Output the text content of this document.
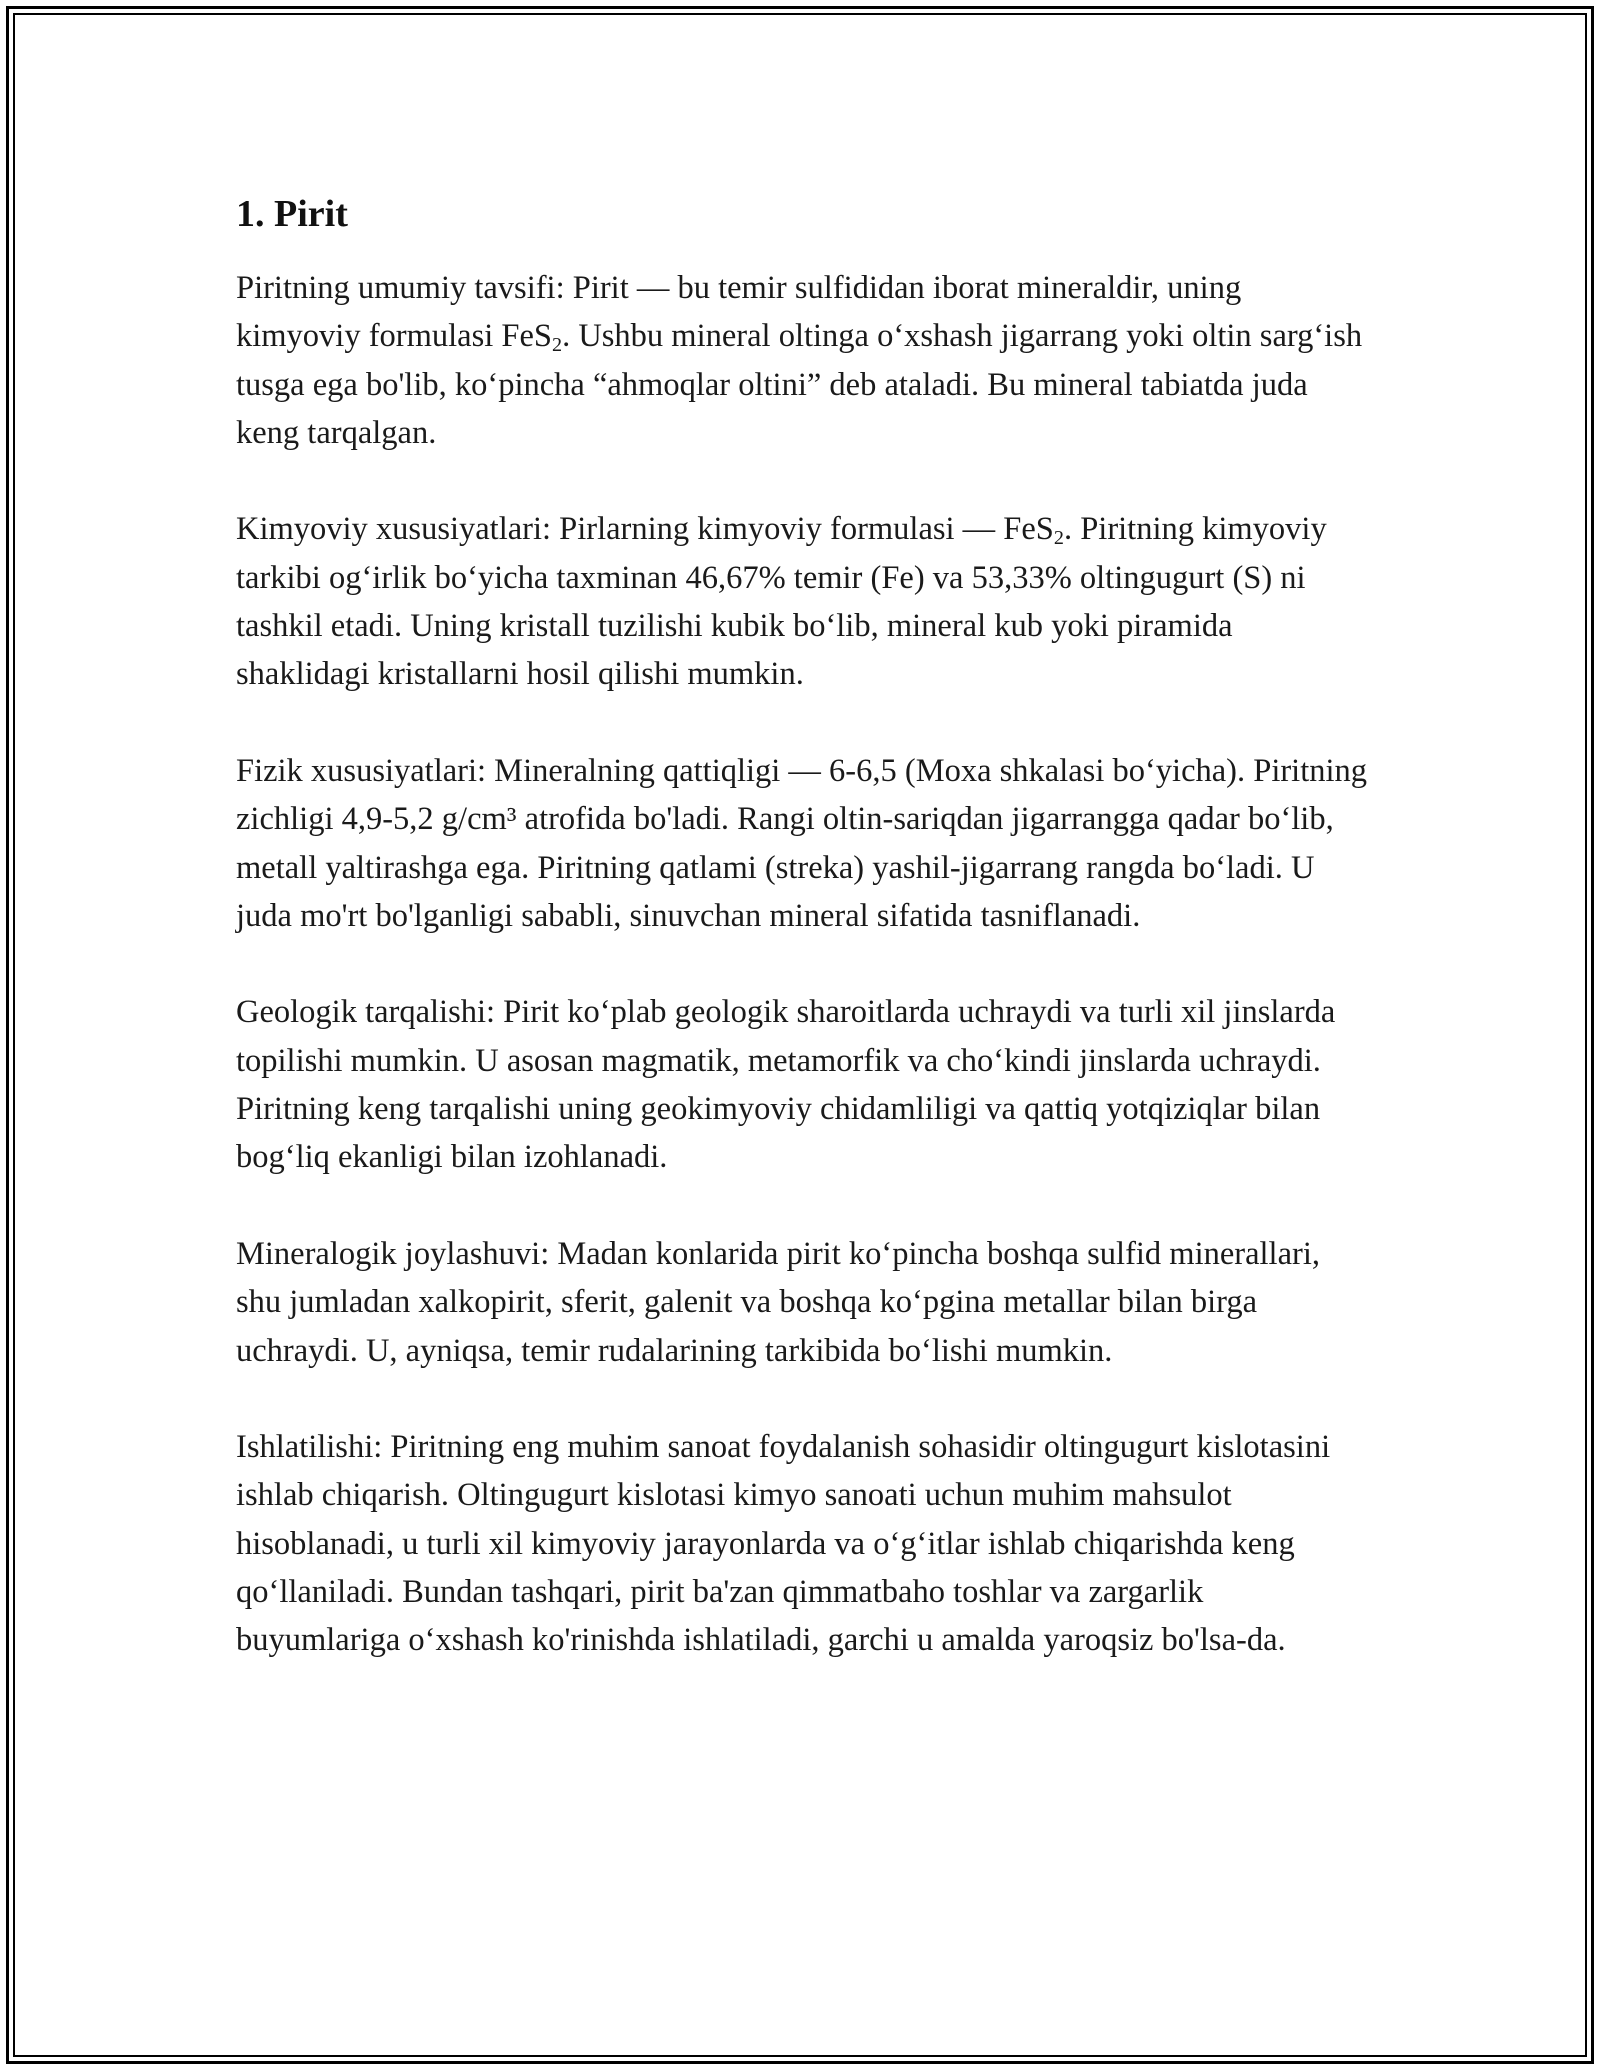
1. Pirit

Piritning umumiy tavsifi: Pirit — bu temir sulfididan iborat mineraldir, uning kimyoviy formulasi FeS$_2$. Ushbu mineral oltinga oʻxshash jigarrang yoki oltin sargʻish tusga ega bo'lib, koʻpincha “ahmoqlar oltini” deb ataladi. Bu mineral tabiatda juda keng tarqalgan.

Kimyoviy xususiyatlari: Pirlarning kimyoviy formulasi — FeS$_2$. Piritning kimyoviy tarkibi ogʻirlik boʻyicha taxminan 46,67% temir (Fe) va 53,33% oltingugurt (S) ni tashkil etadi. Uning kristall tuzilishi kubik boʻlib, mineral kub yoki piramida shaklidagi kristallarni hosil qilishi mumkin.

Fizik xususiyatlari: Mineralning qattiqligi — 6-6,5 (Moxa shkalasi boʻyicha). Piritning zichligi 4,9-5,2 g/cm³ atrofida bo'ladi. Rangi oltin-sariqdan jigarrangga qadar boʻlib, metall yaltirashga ega. Piritning qatlami (streka) yashil-jigarrang rangda boʻladi. U juda mo'rt bo'lganligi sababli, sinuvchan mineral sifatida tasniflanadi.

Geologik tarqalishi: Pirit koʻplab geologik sharoitlarda uchraydi va turli xil jinslarda topilishi mumkin. U asosan magmatik, metamorfik va choʻkindi jinslarda uchraydi. Piritning keng tarqalishi uning geokimyoviy chidamliligi va qattiq yotqiziqlar bilan bogʻliq ekanligi bilan izohlanadi.

Mineralogik joylashuvi: Madan konlarida pirit koʻpincha boshqa sulfid minerallari, shu jumladan xalkopirit, sferit, galenit va boshqa koʻpgina metallar bilan birga uchraydi. U, ayniqsa, temir rudalarining tarkibida boʻlishi mumkin.

Ishlatilishi: Piritning eng muhim sanoat foydalanish sohasidir oltingugurt kislotasini ishlab chiqarish. Oltingugurt kislotasi kimyo sanoati uchun muhim mahsulot hisoblanadi, u turli xil kimyoviy jarayonlarda va oʻgʻitlar ishlab chiqarishda keng qoʻllaniladi. Bundan tashqari, pirit ba'zan qimmatbaho toshlar va zargarlik buyumlariga oʻxshash ko'rinishda ishlatiladi, garchi u amalda yaroqsiz bo'lsa-da.
